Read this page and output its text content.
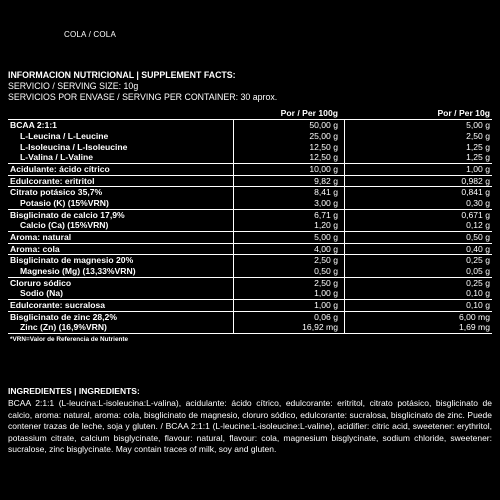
COLA / COLA
INFORMACION NUTRICIONAL | SUPPLEMENT FACTS:
SERVICIO / SERVING SIZE: 10g
SERVICIOS POR ENVASE / SERVING PER CONTAINER: 30 aprox.
Por / Per 100g	Por / Per 10g
BCAA 2:1:1	50,00 g	5,00 g
L-Leucina / L-Leucine	25,00 g	2,50 g
L-Isoleucina / L-Isoleucine	12,50 g	1,25 g
L-Valina / L-Valine	12,50 g	1,25 g
Acidulante: ácido cítrico	10,00 g	1,00 g
Edulcorante: eritritol	9,82 g	0,982 g
Citrato potásico 35,7%	8,41 g	0,841 g
Potasio (K) (15%VRN)	3,00 g	0,30 g
Bisglicinato de calcio 17,9%	6,71 g	0,671 g
Calcio (Ca) (15%VRN)	1,20 g	0,12 g
Aroma: natural	5,00 g	0,50 g
Aroma: cola	4,00 g	0,40 g
Bisglicinato de magnesio 20%	2,50 g	0,25 g
Magnesio (Mg) (13,33%VRN)	0,50 g	0,05 g
Cloruro sódico	2,50 g	0,25 g
Sodio (Na)	1,00 g	0,10 g
Edulcorante: sucralosa	1,00 g	0,10 g
Bisglicinato de zinc 28,2%	0,06 g	6,00 mg
Zinc (Zn) (16,9%VRN)	16,92 mg	1,69 mg
*VRN=Valor de Referencia de Nutriente
INGREDIENTES | INGREDIENTS:
BCAA 2:1:1 (L-leucina:L-isoleucina:L-valina), acidulante: ácido cítrico, edulcorante: eritritol, citrato potásico, bisglicinato de calcio, aroma: natural, aroma: cola, bisglicinato de magnesio, cloruro sódico, edulcorante: sucralosa, bisglicinato de zinc. Puede contener trazas de leche, soja y gluten. / BCAA 2:1:1 (L-leucine:L-isoleucine:L-valine), acidifier: citric acid, sweetener: erythritol, potassium citrate, calcium bisglycinate, flavour: natural, flavour: cola, magnesium bisglycinate, sodium chloride, sweetener: sucralose, zinc bisglycinate. May contain traces of milk, soy and gluten.
